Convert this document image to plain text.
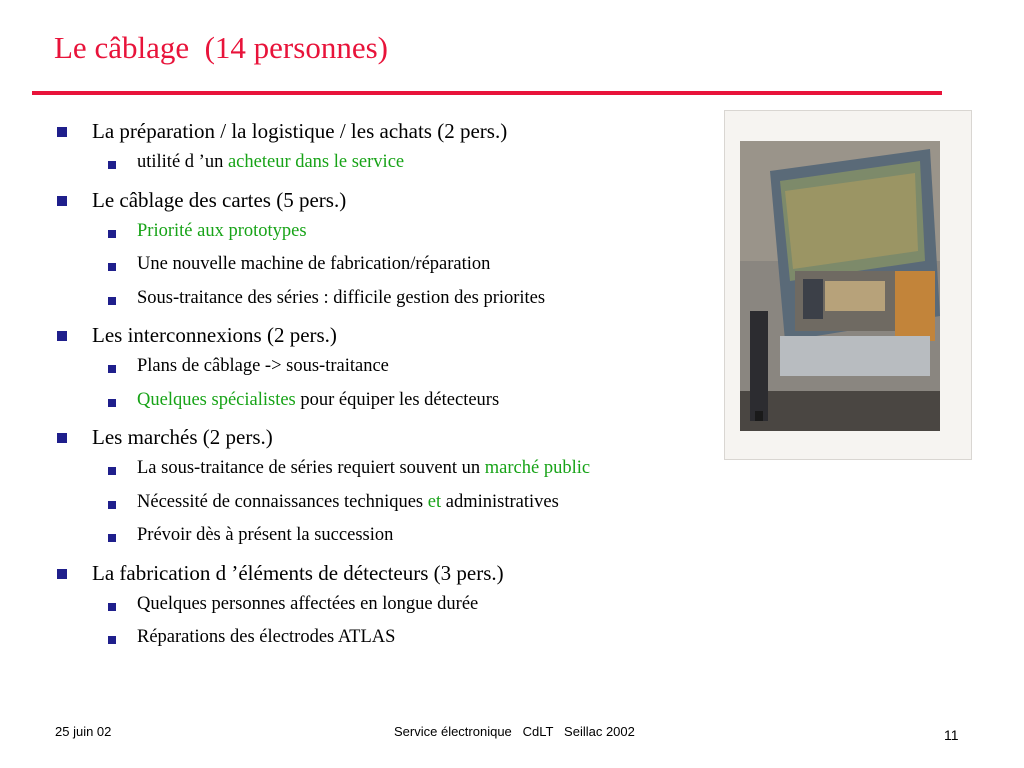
Le câblage  (14 personnes)
La préparation / la logistique / les achats (2 pers.)
utilité d ’un acheteur dans le service
Le câblage des cartes (5 pers.)
Priorité aux prototypes
Une nouvelle machine de fabrication/réparation
Sous-traitance des séries : difficile gestion des priorites
Les interconnexions (2 pers.)
Plans de câblage -> sous-traitance
Quelques spécialistes pour équiper les détecteurs
Les marchés (2 pers.)
La sous-traitance de séries requiert souvent un marché public
Nécessité de connaissances techniques et administratives
Prévoir dès à présent la succession
La fabrication d ’éléments de détecteurs (3 pers.)
Quelques personnes affectées en longue durée
Réparations des électrodes ATLAS
25 juin 02	Service électronique   CdLT   Seillac 2002	11
